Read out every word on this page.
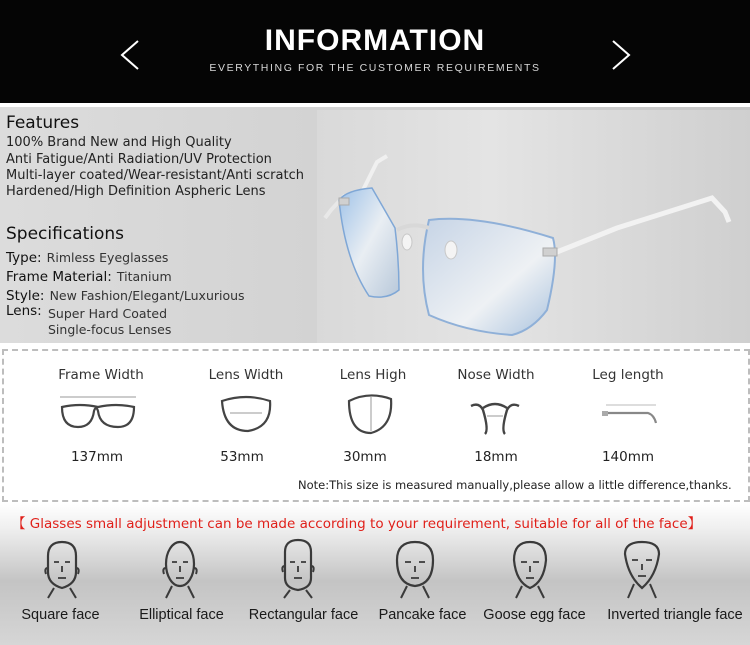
INFORMATION
EVERYTHING FOR THE CUSTOMER REQUIREMENTS
Features
100% Brand New and High Quality
Anti Fatigue/Anti Radiation/UV Protection
Multi-layer coated/Wear-resistant/Anti scratch
Hardened/High Definition Aspheric Lens
Specifications
Type: Rimless Eyeglasses
Frame Material: Titanium
Style: New Fashion/Elegant/Luxurious
Lens: Super Hard Coated
Single-focus Lenses
Frame Width	Lens Width	Lens High	Nose Width	Leg length
137mm	53mm	30mm	18mm	140mm
Note:This size is measured manually,please allow a little difference,thanks.
【 Glasses small adjustment can be made according to your requirement, suitable for all of the face】
Square face	Elliptical face	Rectangular face	Pancake face	Goose egg face	Inverted triangle face
